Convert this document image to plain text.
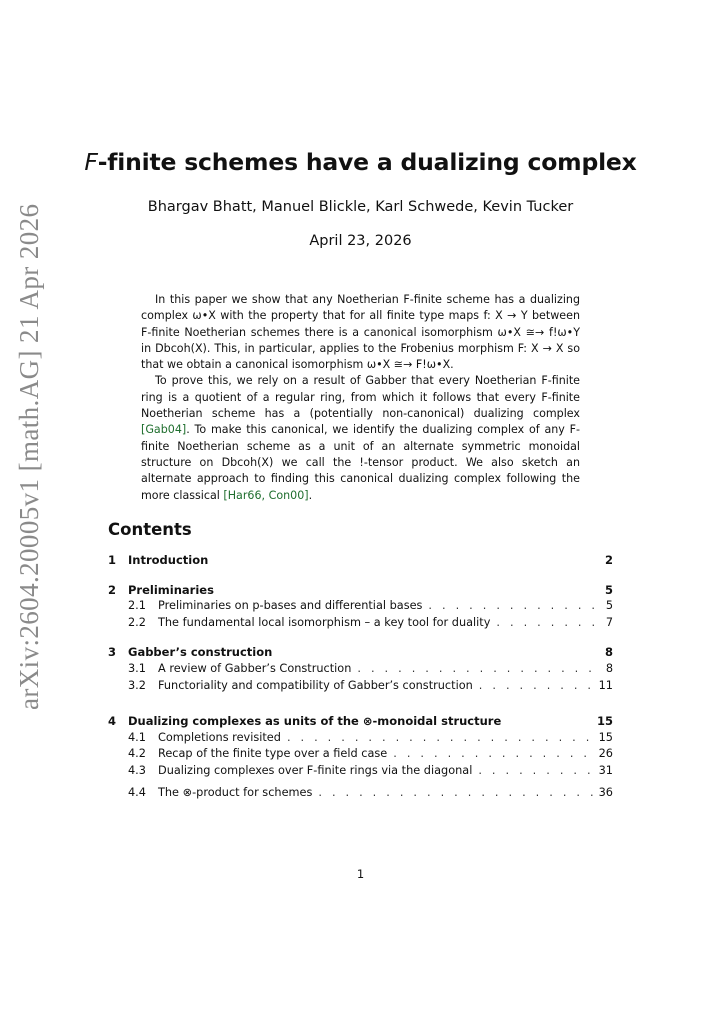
arXiv:2604.20005v1 [math.AG] 21 Apr 2026
F-finite schemes have a dualizing complex
Bhargav Bhatt, Manuel Blickle, Karl Schwede, Kevin Tucker
April 23, 2026

In this paper we show that any Noetherian F-finite scheme has a dualizing complex ω•X with the property that for all finite type maps f: X → Y between F-finite Noetherian schemes there is a canonical isomorphism ω•X ≅→ f!ω•Y in Dbcoh(X). This, in particular, applies to the Frobenius morphism F: X → X so that we obtain a canonical isomorphism ω•X ≅→ F!ω•X.

To prove this, we rely on a result of Gabber that every Noetherian F-finite ring is a quotient of a regular ring, from which it follows that every F-finite Noetherian scheme has a (potentially non-canonical) dualizing complex [Gab04]. To make this canonical, we identify the dualizing complex of any F-finite Noetherian scheme as a unit of an alternate symmetric monoidal structure on Dbcoh(X) we call the !-tensor product. We also sketch an alternate approach to finding this canonical dualizing complex following the more classical [Har66, Con00].

Contents
1	Introduction	2
2	Preliminaries	5
2.1	Preliminaries on p-bases and differential bases . . .	5
2.2	The fundamental local isomorphism – a key tool for duality . . .	7
3	Gabber’s construction	8
3.1	A review of Gabber’s Construction . . .	8
3.2	Functoriality and compatibility of Gabber’s construction . . .	11
4	Dualizing complexes as units of the ⊗-monoidal structure	15
4.1	Completions revisited . . .	15
4.2	Recap of the finite type over a field case . . .	26
4.3	Dualizing complexes over F-finite rings via the diagonal . . .	31
4.4	The ⊗-product for schemes . . .	36
1
